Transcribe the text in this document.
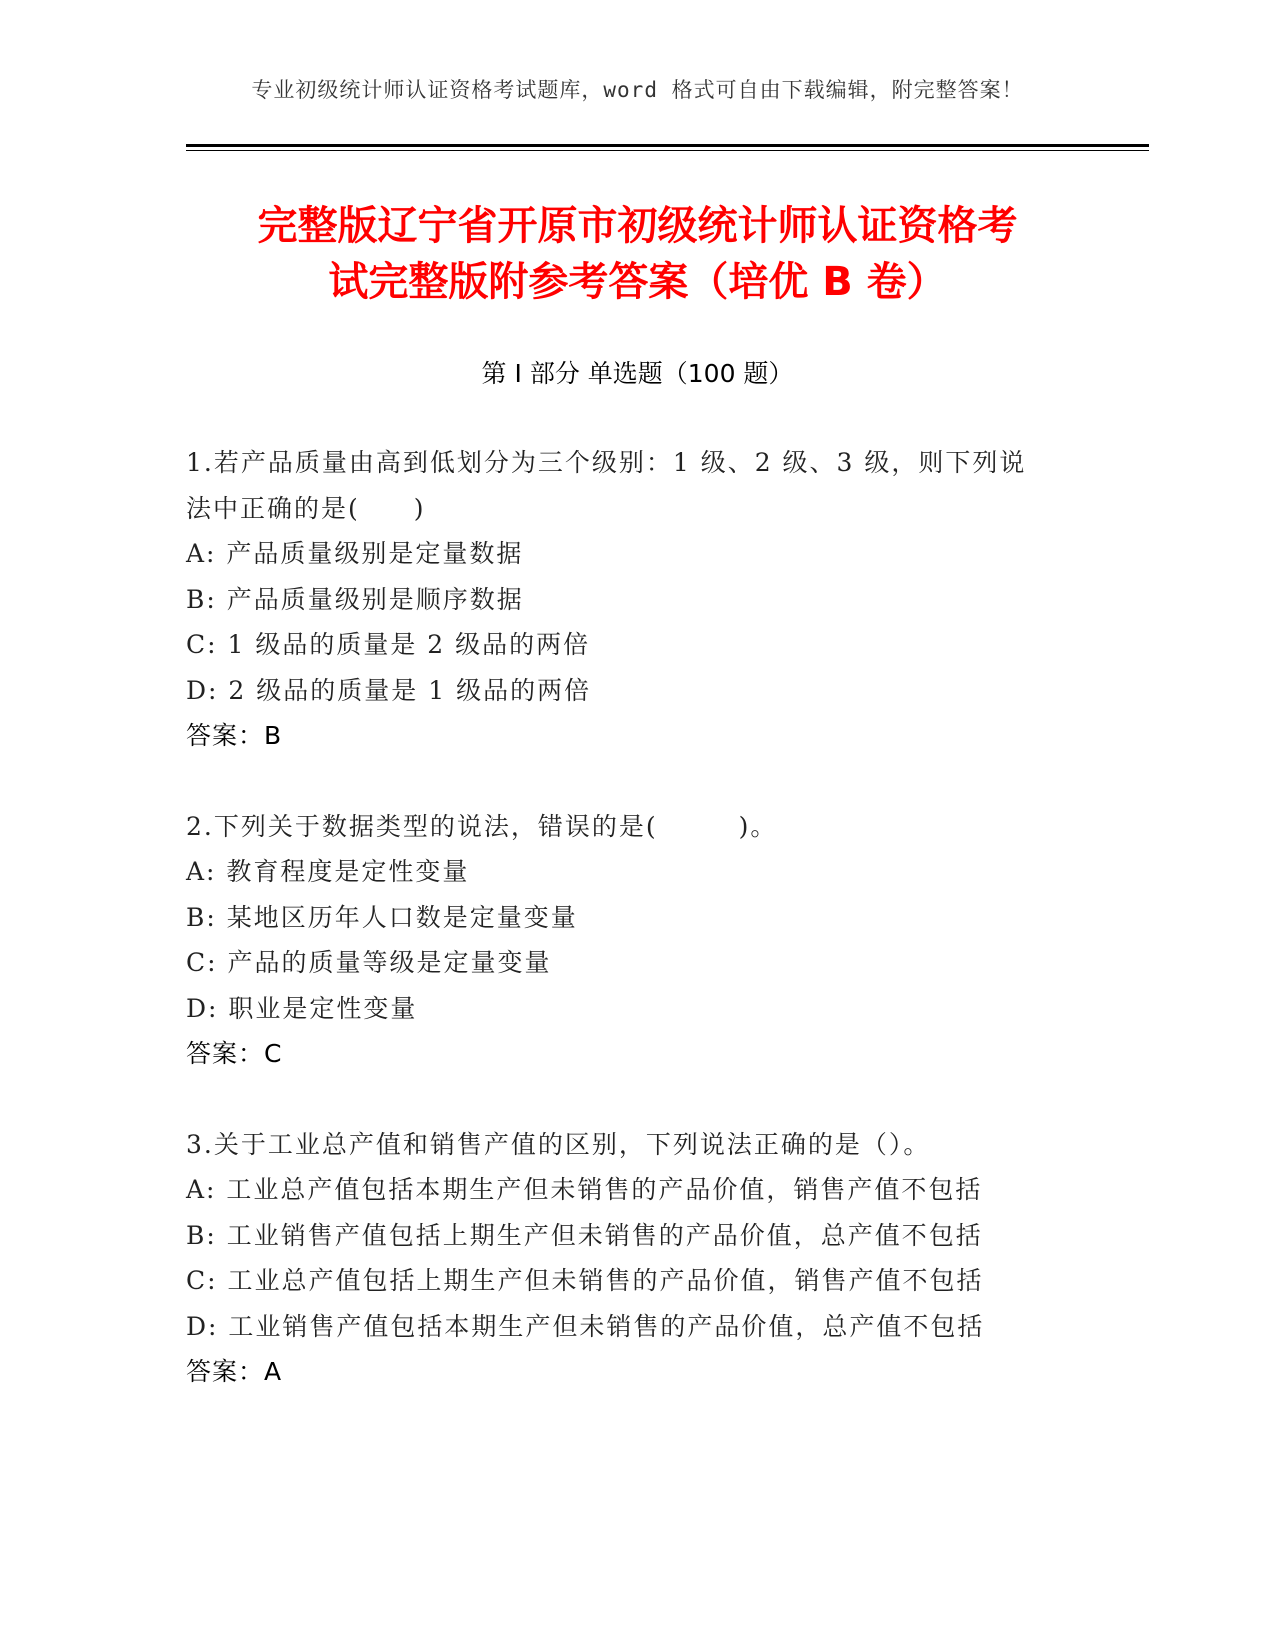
专业初级统计师认证资格考试题库，word 格式可自由下载编辑，附完整答案！
完整版辽宁省开原市初级统计师认证资格考
试完整版附参考答案（培优 B 卷）
第 I 部分 单选题（100 题）
1.若产品质量由高到低划分为三个级别：1 级、2 级、3 级，则下列说
法中正确的是(　　)
A: 产品质量级别是定量数据
B: 产品质量级别是顺序数据
C: 1 级品的质量是 2 级品的两倍
D: 2 级品的质量是 1 级品的两倍
答案：B
2.下列关于数据类型的说法，错误的是(　　　)。
A: 教育程度是定性变量
B: 某地区历年人口数是定量变量
C: 产品的质量等级是定量变量
D: 职业是定性变量
答案：C
3.关于工业总产值和销售产值的区别，下列说法正确的是（）。
A: 工业总产值包括本期生产但未销售的产品价值，销售产值不包括
B: 工业销售产值包括上期生产但未销售的产品价值，总产值不包括
C: 工业总产值包括上期生产但未销售的产品价值，销售产值不包括
D: 工业销售产值包括本期生产但未销售的产品价值，总产值不包括
答案：A
